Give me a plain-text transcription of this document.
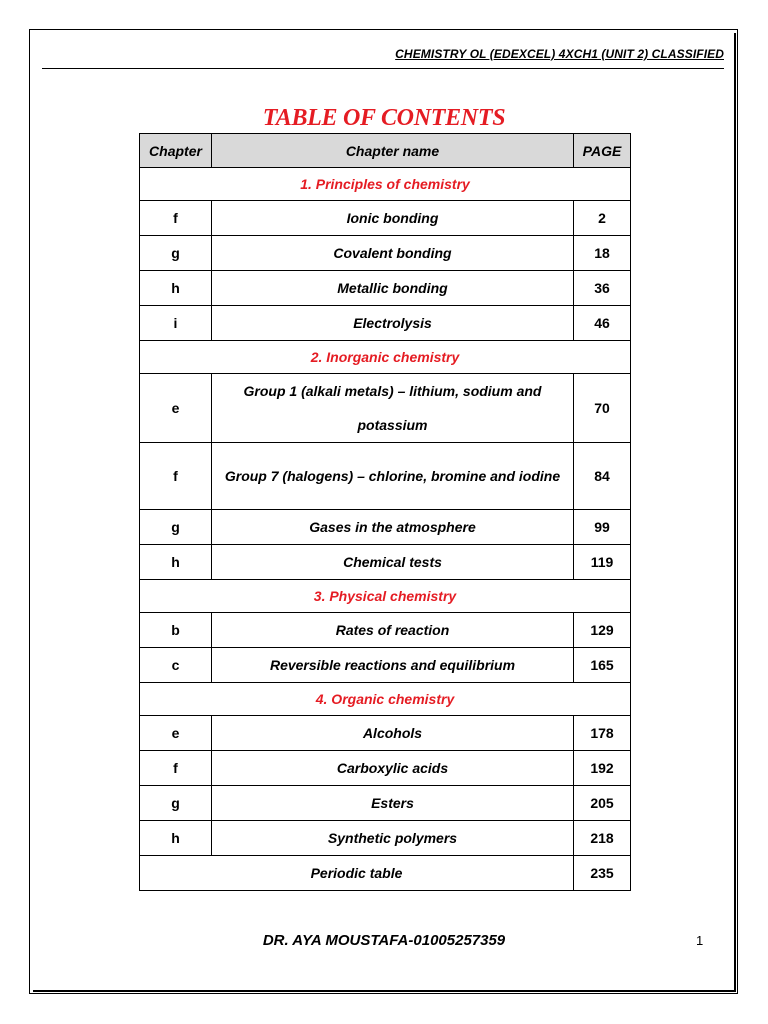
CHEMISTRY OL (EDEXCEL) 4XCH1 (UNIT 2) CLASSIFIED
TABLE OF CONTENTS
Chapter	Chapter name	PAGE
1. Principles of chemistry		
f	Ionic bonding	2
g	Covalent bonding	18
h	Metallic bonding	36
i	Electrolysis	46
2. Inorganic chemistry		
e	Group 1 (alkali metals) – lithium, sodium and potassium	70
f	Group 7 (halogens) – chlorine, bromine and iodine	84
g	Gases in the atmosphere	99
h	Chemical tests	119
3. Physical chemistry		
b	Rates of reaction	129
c	Reversible reactions and equilibrium	165
4. Organic chemistry		
e	Alcohols	178
f	Carboxylic acids	192
g	Esters	205
h	Synthetic polymers	218
Periodic table		235
DR. AYA MOUSTAFA-01005257359	1
